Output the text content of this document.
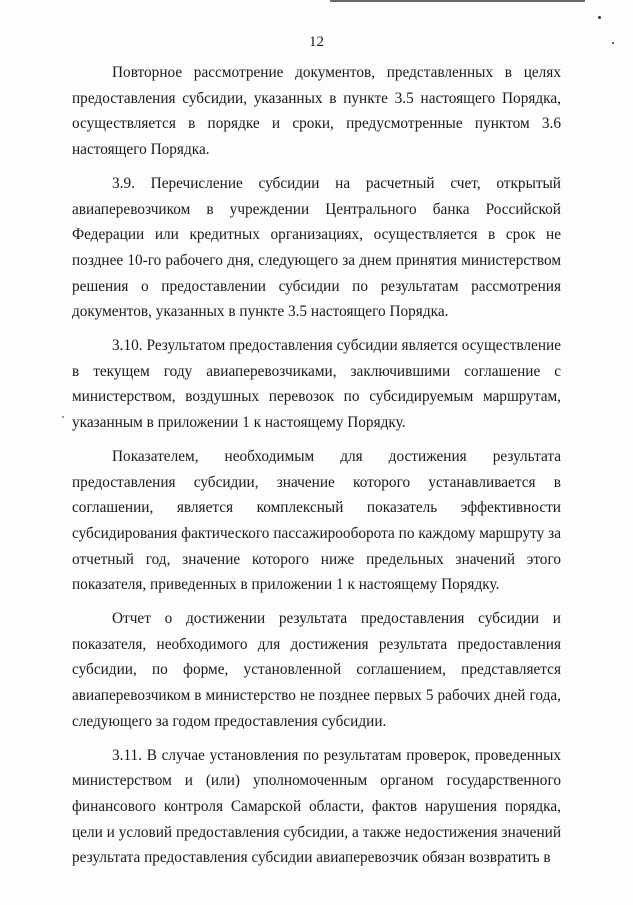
12

Повторное рассмотрение документов, представленных в целях предоставления субсидии, указанных в пункте 3.5 настоящего Порядка, осуществляется в порядке и сроки, предусмотренные пунктом 3.6 настоящего Порядка.

3.9. Перечисление субсидии на расчетный счет, открытый авиаперевозчиком в учреждении Центрального банка Российской Федерации или кредитных организациях, осуществляется в срок не позднее 10-го рабочего дня, следующего за днем принятия министерством решения о предоставлении субсидии по результатам рассмотрения документов, указанных в пункте 3.5 настоящего Порядка.

3.10. Результатом предоставления субсидии является осуществление в текущем году авиаперевозчиками, заключившими соглашение с министерством, воздушных перевозок по субсидируемым маршрутам, указанным в приложении 1 к настоящему Порядку.

Показателем, необходимым для достижения результата предоставления субсидии, значение которого устанавливается в соглашении, является комплексный показатель эффективности субсидирования фактического пассажирооборота по каждому маршруту за отчетный год, значение которого ниже предельных значений этого показателя, приведенных в приложении 1 к настоящему Порядку.

Отчет о достижении результата предоставления субсидии и показателя, необходимого для достижения результата предоставления субсидии, по форме, установленной соглашением, представляется авиаперевозчиком в министерство не позднее первых 5 рабочих дней года, следующего за годом предоставления субсидии.

3.11. В случае установления по результатам проверок, проведенных министерством и (или) уполномоченным органом государственного финансового контроля Самарской области, фактов нарушения порядка, цели и условий предоставления субсидии, а также недостижения значений результата предоставления субсидии авиаперевозчик обязан возвратить в
